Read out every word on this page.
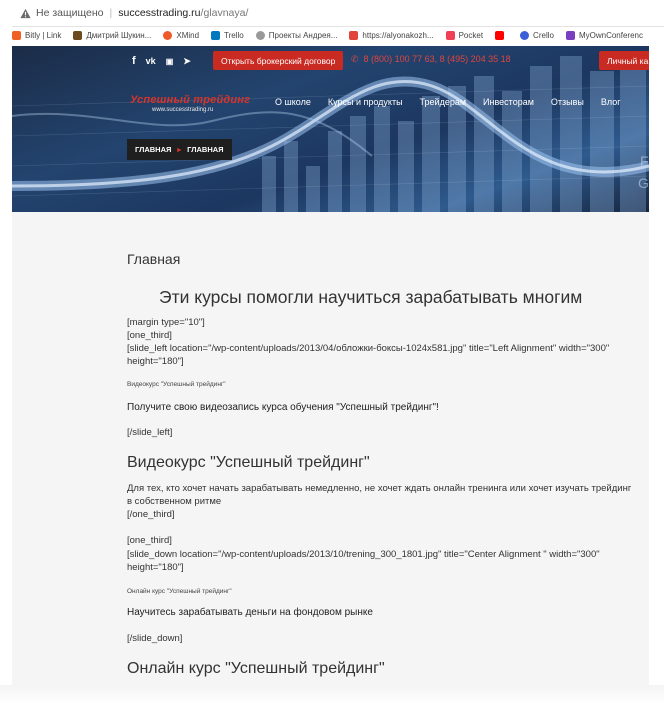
Не защищено | successtrading.ru /glavnaya/
Bitly | Link	Дмитрий Шукин...	XMind	Trello	Проекты Андрея...	https://alyonakozh...	Pocket	Crello	MyOwnConferenc
F
G
f vk ▣ ➤	Открыть брокерский договор	✆ 8 (800) 100 77 63, 8 (495) 204 35 18	Личный ка
Успешный трейдинг
www.successtrading.ru
О школе Курсы и продукты Трейдерам Инвесторам Отзывы Влог
ГЛАВНАЯ ▸ ГЛАВНАЯ
Главная
Эти курсы помогли научиться зарабатывать многим
[margin type="10"]
[one_third]
[slide_left location="/wp-content/uploads/2013/04/обложки-боксы-1024x581.jpg" title="Left Alignment" width="300"
height="180"]
Видеокурс "Успешный трейдинг"
Получите свою видеозапись курса обучения "Успешный трейдинг"!
[/slide_left]
Видеокурс "Успешный трейдинг"
Для тех, кто хочет начать зарабатывать немедленно, не хочет ждать онлайн тренинга или хочет изучать трейдинг
в собственном ритме
[/one_third]
[one_third]
[slide_down location="/wp-content/uploads/2013/10/trening_300_1801.jpg" title="Center Alignment " width="300"
height="180"]
Онлайн курс "Успешный трейдинг"
Научитесь зарабатывать деньги на фондовом рынке
[/slide_down]
Онлайн курс "Успешный трейдинг"
